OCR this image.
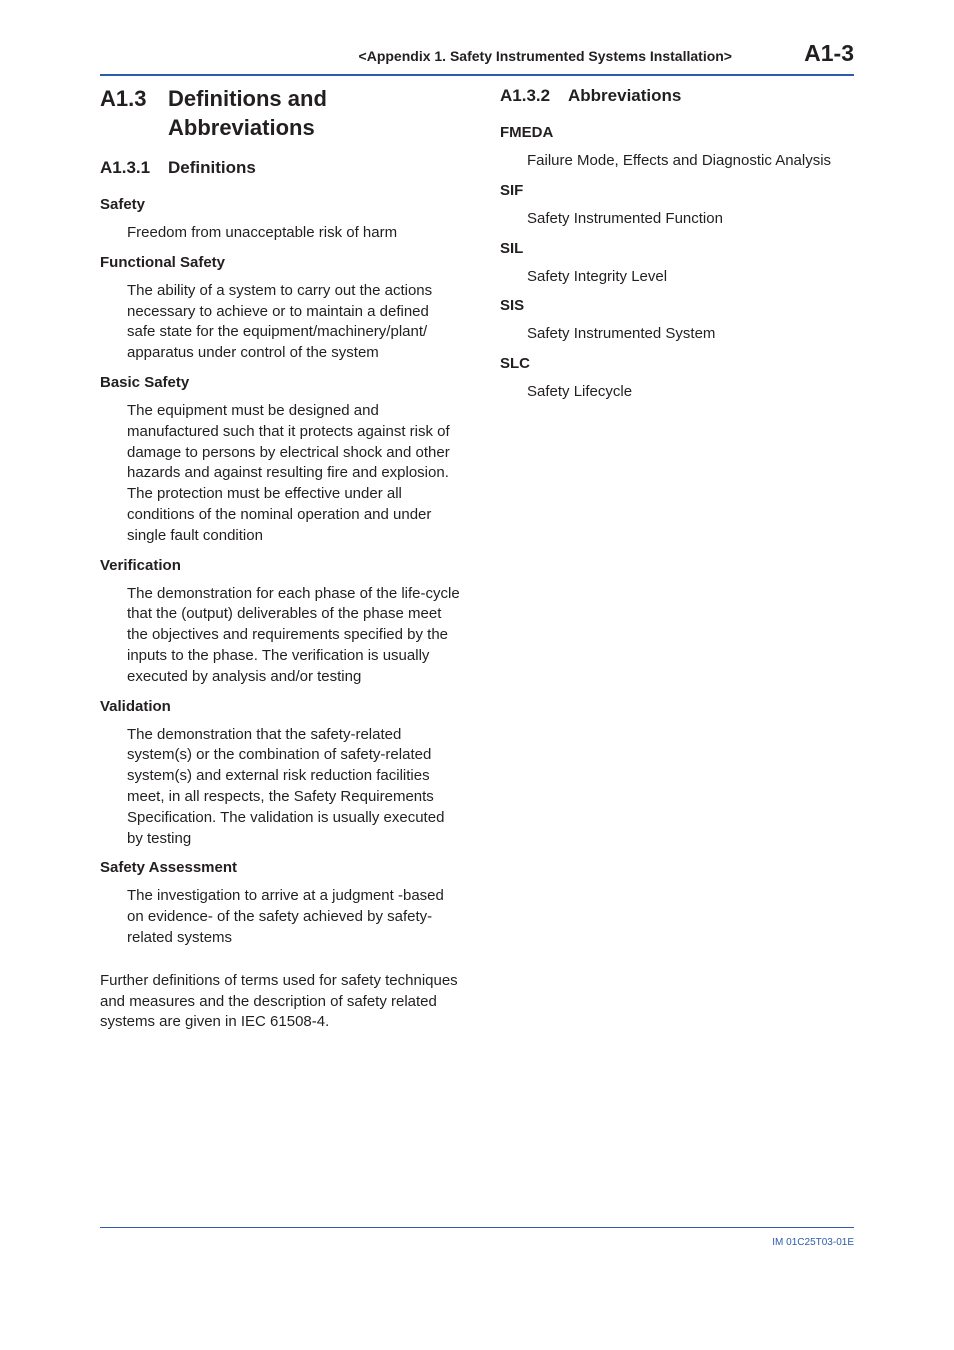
<Appendix 1. Safety Instrumented Systems Installation>	A1-3
A1.3 Definitions and Abbreviations
A1.3.1	Definitions

Safety

Freedom from unacceptable risk of harm

Functional Safety

The ability of a system to carry out the actions necessary to achieve or to maintain a defined safe state for the equipment/machinery/plant/ apparatus under control of the system

Basic Safety

The equipment must be designed and manufactured such that it protects against risk of damage to persons by electrical shock and other hazards and against resulting fire and explosion. The protection must be effective under all conditions of the nominal operation and under single fault condition

Verification

The demonstration for each phase of the life-cycle that the (output) deliverables of the phase meet the objectives and requirements specified by the inputs to the phase. The verification is usually executed by analysis and/or testing

Validation

The demonstration that the safety-related system(s) or the combination of safety-related system(s) and external risk reduction facilities meet, in all respects, the Safety Requirements Specification. The validation is usually executed by testing

Safety Assessment

The investigation to arrive at a judgment -based on evidence- of the safety achieved by safety-related systems

Further definitions of terms used for safety techniques and measures and the description of safety related systems are given in IEC 61508-4.

A1.3.2	Abbreviations

FMEDA

Failure Mode, Effects and Diagnostic Analysis

SIF

Safety Instrumented Function

SIL

Safety Integrity Level

SIS

Safety Instrumented System

SLC

Safety Lifecycle

IM 01C25T03-01E
